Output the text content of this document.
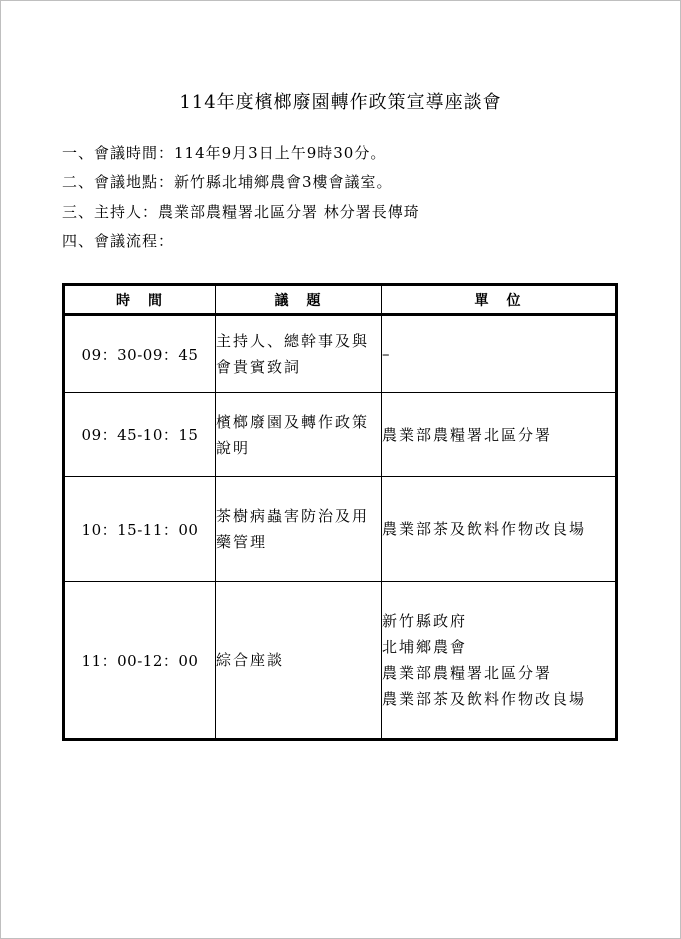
114年度檳榔廢園轉作政策宣導座談會
一、會議時間：114年9月3日上午9時30分。
二、會議地點：新竹縣北埔鄉農會3樓會議室。
三、主持人：農業部農糧署北區分署 林分署長傳琦
四、會議流程：
時　間	議　題	單　位
09：30-09：45	主持人、總幹事及與會貴賓致詞	–

09：45-10：15	檳榔廢園及轉作政策說明	農業部農糧署北區分署

10：15-11：00	茶樹病蟲害防治及用藥管理	農業部茶及飲料作物改良場

11：00-12：00	綜合座談	新竹縣政府
北埔鄉農會
農業部農糧署北區分署
農業部茶及飲料作物改良場
